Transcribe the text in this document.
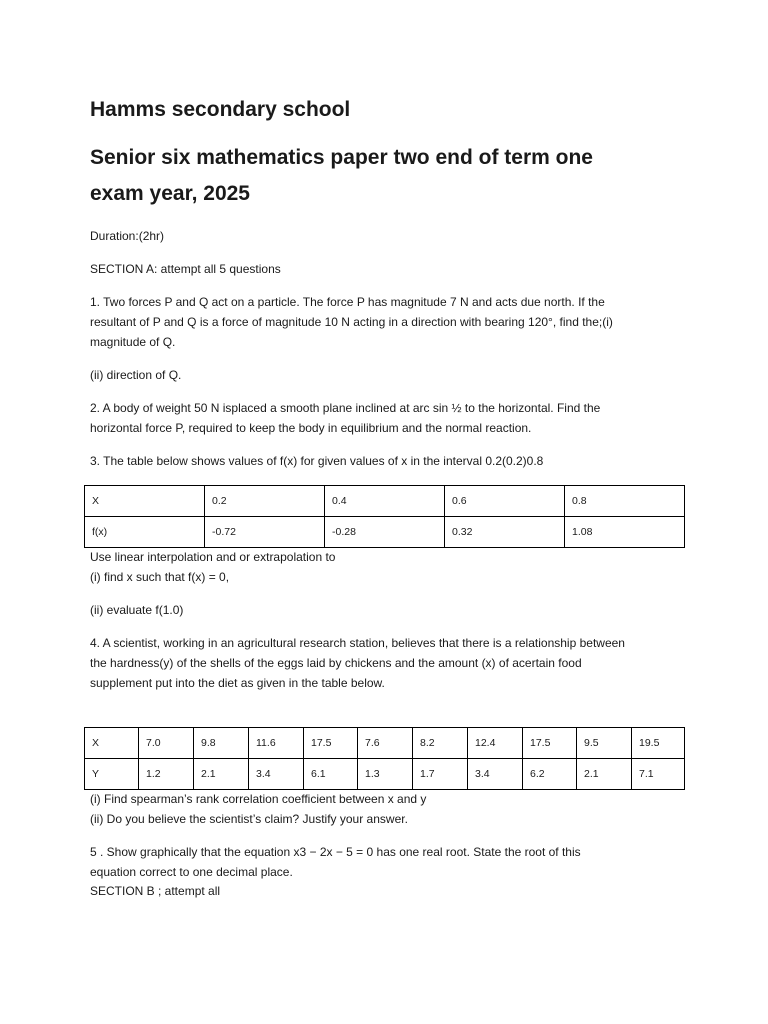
Hamms secondary school
Senior six mathematics paper two end of term one
exam year, 2025

Duration:(2hr)

SECTION A: attempt all 5 questions

1. Two forces P and Q act on a particle. The force P has magnitude 7 N and acts due north. If the
resultant of P and Q is a force of magnitude 10 N acting in a direction with bearing 120°, find the;(i)
magnitude of Q.

(ii) direction of Q.

2. A body of weight 50 N isplaced a smooth plane inclined at arc sin ½ to the horizontal. Find the
horizontal force P, required to keep the body in equilibrium and the normal reaction.

3. The table below shows values of f(x) for given values of x in the interval 0.2(0.2)0.8

X	0.2	0.4	0.6	0.8
f(x)	-0.72	-0.28	0.32	1.08
Use linear interpolation and or extrapolation to
(i) find x such that f(x) = 0,

(ii) evaluate f(1.0)

4. A scientist, working in an agricultural research station, believes that there is a relationship between
the hardness(y) of the shells of the eggs laid by chickens and the amount (x) of acertain food
supplement put into the diet as given in the table below.
X	7.0	9.8	11.6	17.5	7.6	8.2	12.4	17.5	9.5	19.5
Y	1.2	2.1	3.4	6.1	1.3	1.7	3.4	6.2	2.1	7.1
(i) Find spearman’s rank correlation coefficient between x and y
(ii) Do you believe the scientist’s claim? Justify your answer.
5 . Show graphically that the equation x3 − 2x − 5 = 0 has one real root. State the root of this
equation correct to one decimal place.
SECTION B ; attempt all
